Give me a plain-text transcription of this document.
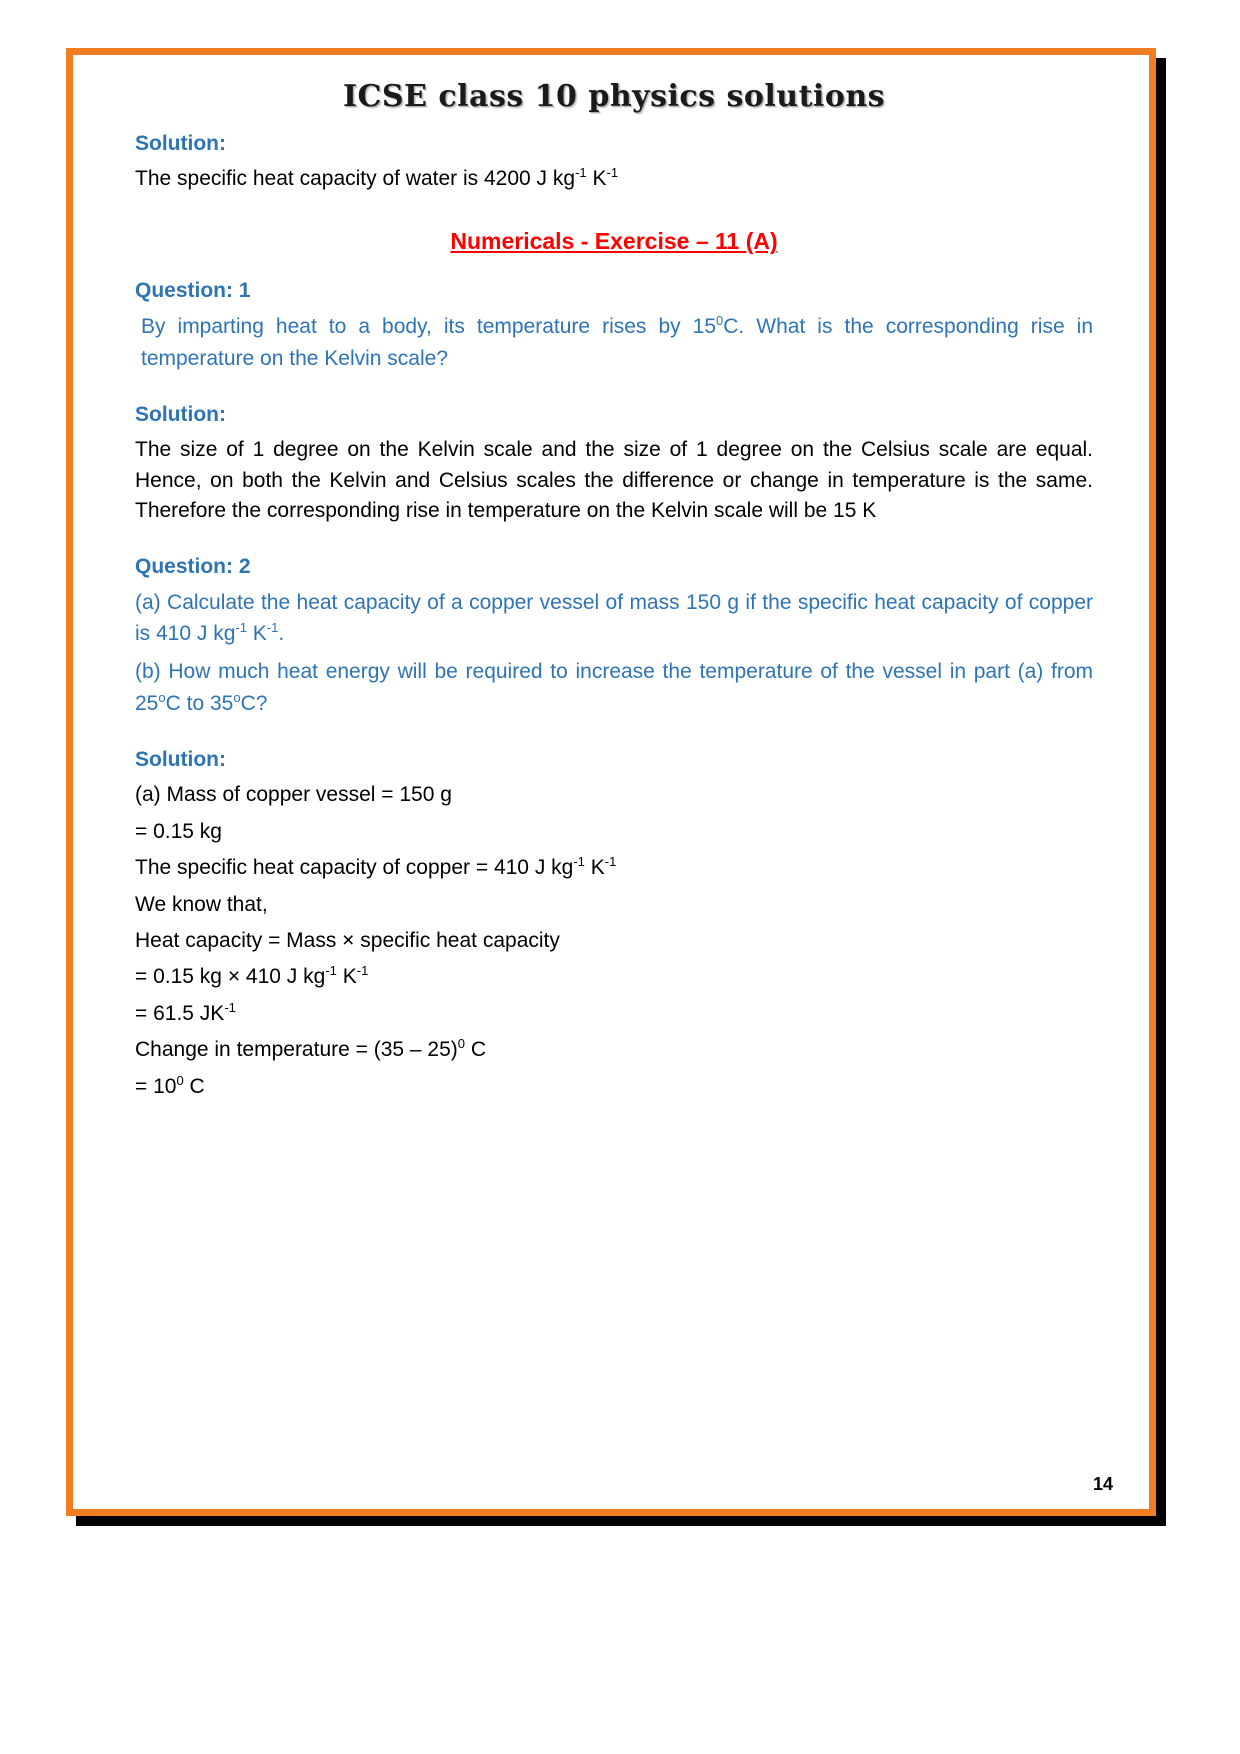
ICSE class 10 physics solutions
Solution:

The specific heat capacity of water is 4200 J $kg^{-1}$ $K^{-1}$

Numericals - Exercise – 11 (A)
Question: 1

By imparting heat to a body, its temperature rises by $15^0C$. What is the corresponding rise in temperature on the Kelvin scale?

Solution:

The size of 1 degree on the Kelvin scale and the size of 1 degree on the Celsius scale are equal. Hence, on both the Kelvin and Celsius scales the difference or change in temperature is the same. Therefore the corresponding rise in temperature on the Kelvin scale will be 15 K

Question: 2

(a) Calculate the heat capacity of a copper vessel of mass 150 g if the specific heat capacity of copper is 410 J $kg^{-1}$ $K^{-1}$.

(b) How much heat energy will be required to increase the temperature of the vessel in part (a) from 25$^o$C to 35$^o$C?

Solution:

(a) Mass of copper vessel = 150 g

= 0.15 kg

The specific heat capacity of copper = 410 J $kg^{-1}$ $K^{-1}$

We know that,

Heat capacity = Mass × specific heat capacity

= 0.15 kg × 410 J $kg^{-1}$ $K^{-1}$

= 61.5 $JK^{-1}$

Change in temperature = (35 – 25)$^0$ C

= $10^0$ C

14
